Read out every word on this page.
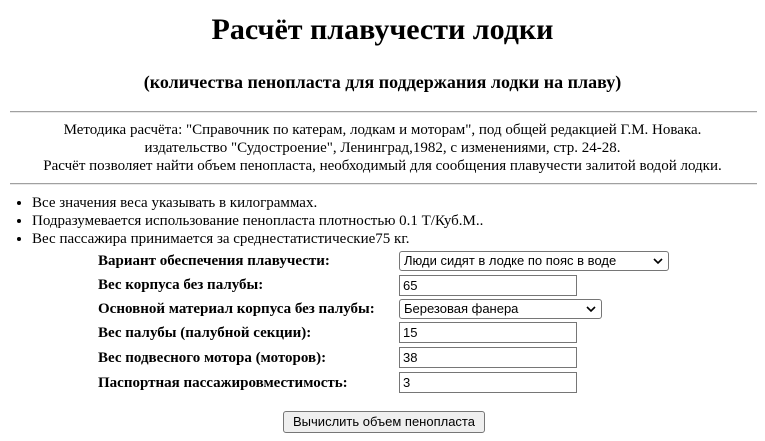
Расчёт плавучести лодки
(количества пенопласта для поддержания лодки на плаву)
Методика расчёта: "Справочник по катерам, лодкам и моторам", под общей редакцией Г.М. Новака.
издательство "Судостроение", Ленинград,1982, с изменениями, стр. 24-28.
Расчёт позволяет найти объем пенопласта, необходимый для сообщения плавучести залитой водой лодки.
• Все значения веса указывать в килограммах.
• Подразумевается использование пенопласта плотностью 0.1 Т/Куб.М..
• Вес пассажира принимается за среднестатистические75 кг.
Вариант обеспечения плавучести:	Люди сидят в лодке по пояс в воде
Вес корпуса без палубы:	65
Основной материал корпуса без палубы:	Березовая фанера
Вес палубы (палубной секции):	15
Вес подвесного мотора (моторов):	38
Паспортная пассажировместимость:	3
Вычислить объем пенопласта
